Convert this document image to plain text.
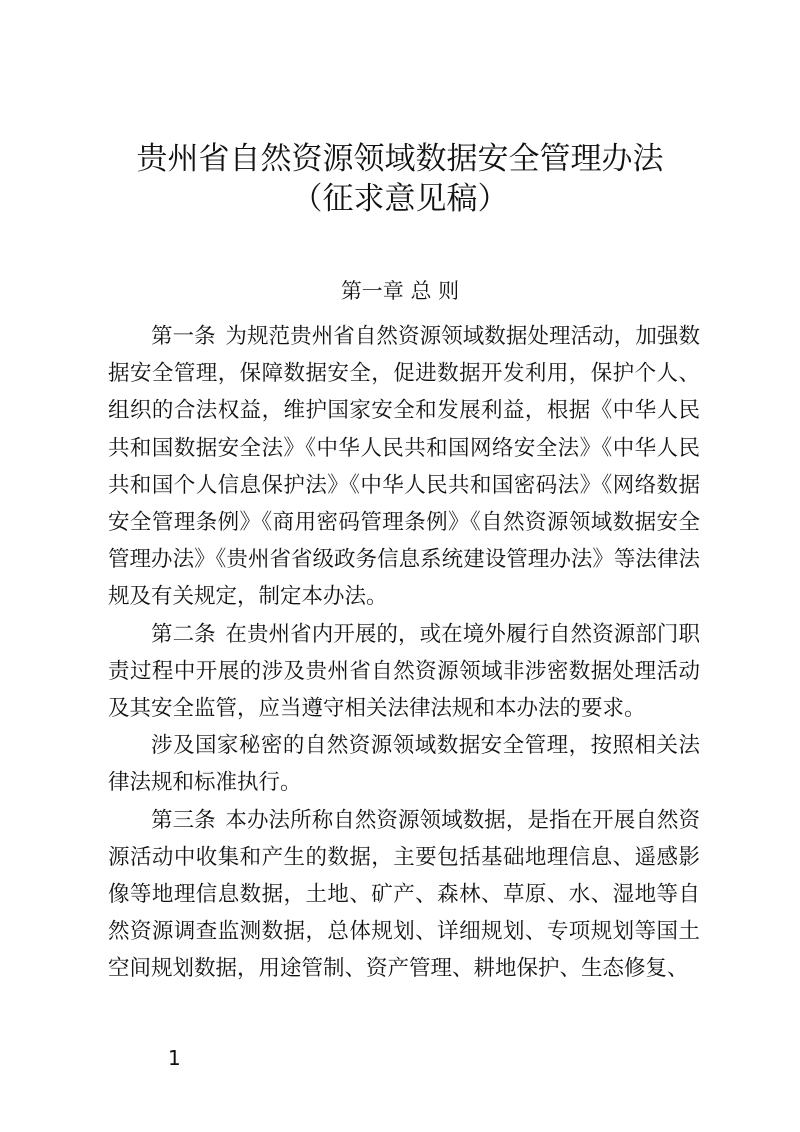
贵州省自然资源领域数据安全管理办法
（征求意见稿）
第一章 总 则

第一条 为规范贵州省自然资源领域数据处理活动，加强数据安全管理，保障数据安全，促进数据开发利用，保护个人、组织的合法权益，维护国家安全和发展利益，根据《中华人民共和国数据安全法》《中华人民共和国网络安全法》《中华人民共和国个人信息保护法》《中华人民共和国密码法》《网络数据安全管理条例》《商用密码管理条例》《自然资源领域数据安全管理办法》《贵州省省级政务信息系统建设管理办法》等法律法规及有关规定，制定本办法。

第二条 在贵州省内开展的，或在境外履行自然资源部门职责过程中开展的涉及贵州省自然资源领域非涉密数据处理活动及其安全监管，应当遵守相关法律法规和本办法的要求。

涉及国家秘密的自然资源领域数据安全管理，按照相关法律法规和标准执行。

第三条 本办法所称自然资源领域数据，是指在开展自然资源活动中收集和产生的数据，主要包括基础地理信息、遥感影像等地理信息数据，土地、矿产、森林、草原、水、湿地等自然资源调查监测数据，总体规划、详细规划、专项规划等国土空间规划数据，用途管制、资产管理、耕地保护、生态修复、

1
